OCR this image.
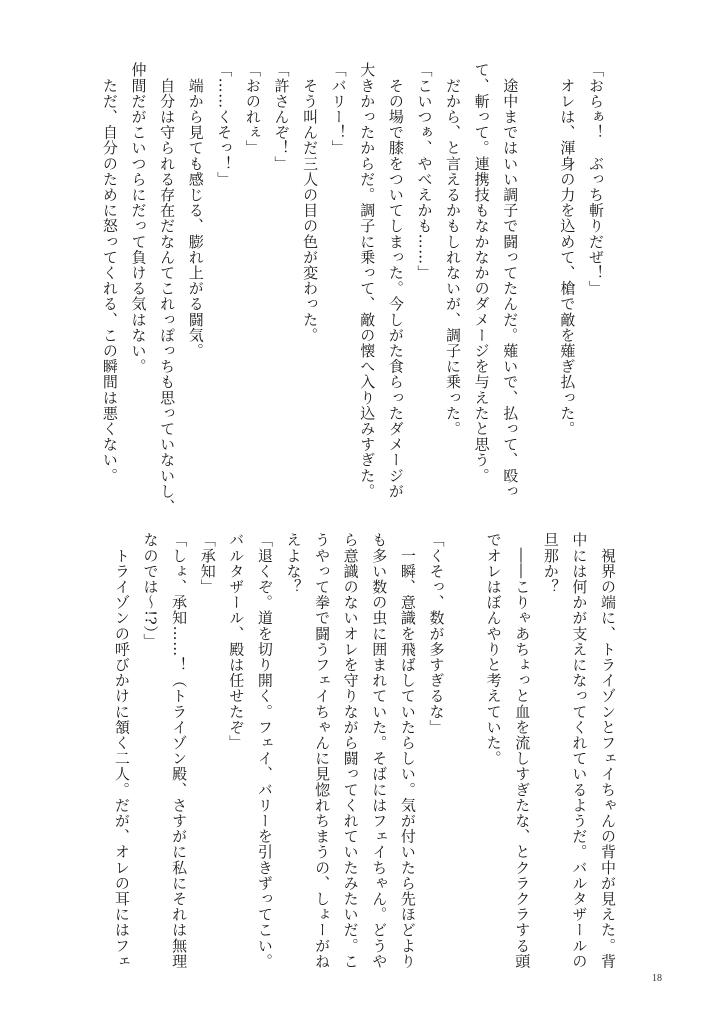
「おらぁ！　ぶっち斬りだぜ！」
　オレは、渾身の力を込めて、槍で敵を薙ぎ払った。

　途中まではいい調子で闘ってたんだ。薙いで、払って、殴っ
て、斬って。連携技もなかなかのダメージを与えたと思う。
　だから、と言えるかもしれないが、調子に乗った。
「こいつぁ、やべえかも……」
　その場で膝をついてしまった。今しがた食らったダメージが
大きかったからだ。調子に乗って、敵の懐へ入り込みすぎた。
「バリー！」
　そう叫んだ三人の目の色が変わった。
「許さんぞ！」
「おのれぇ」
「……くそっ！」
　端から見ても感じる、膨れ上がる闘気。
　自分は守られる存在だなんてこれっぽっちも思っていないし、
仲間だがこいつらにだって負ける気はない。
　ただ、自分のために怒ってくれる、この瞬間は悪くない。
　視界の端に、トライゾンとフェイちゃんの背中が見えた。背
中には何かが支えになってくれているようだ。バルタザールの
旦那か？
　――こりゃあちょっと血を流しすぎたな、とクラクラする頭
でオレはぼんやりと考えていた。

「くそっ、数が多すぎるな」
　一瞬、意識を飛ばしていたらしい。気が付いたら先ほどより
も多い数の虫に囲まれていた。そばにはフェイちゃん。どうや
ら意識のないオレを守りながら闘ってくれていたみたいだ。こ
うやって拳で闘うフェイちゃんに見惚れちまうの、しょーがね
えよな？
「退くぞ。道を切り開く。フェイ、バリーを引きずってこい。
バルタザール、殿は任せたぞ」
「承知」
「しょ、承知……！（トライゾン殿、さすがに私にそれは無理
なのでは～!?）」
　トライゾンの呼びかけに頷く二人。だが、オレの耳にはフェ
18
